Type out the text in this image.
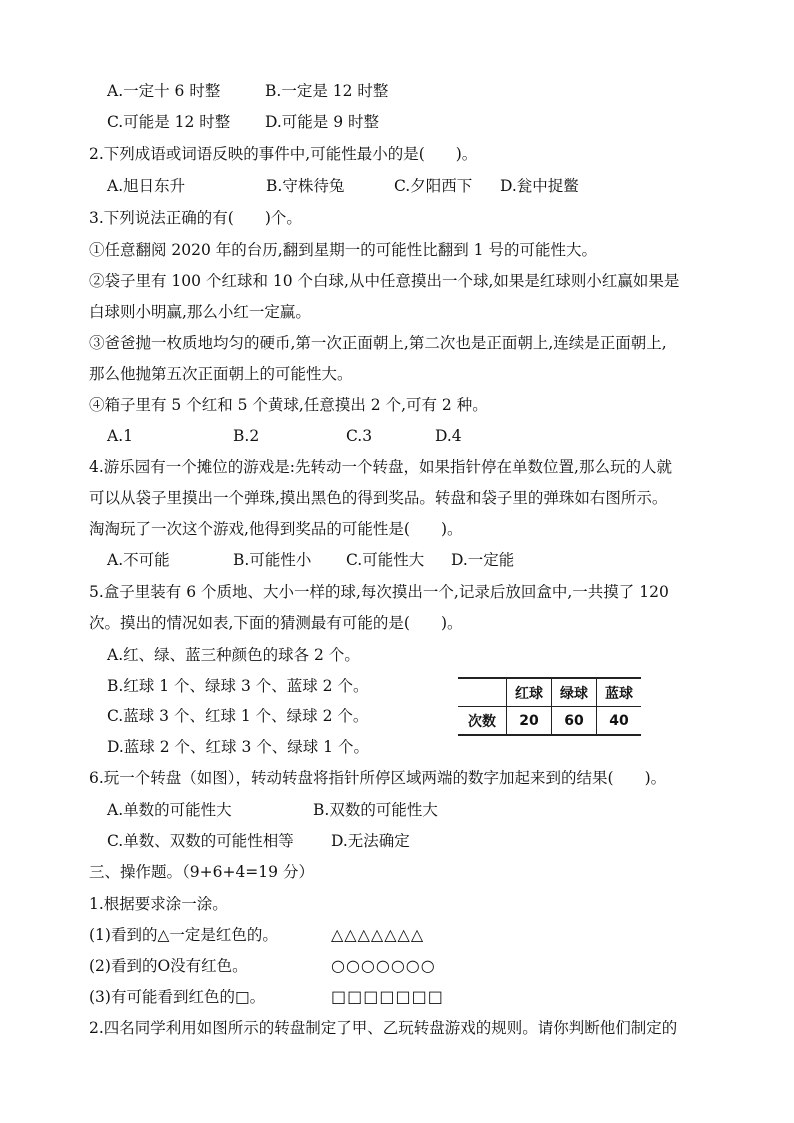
A.一定十 6 时整	B.一定是 12 时整
C.可能是 12 时整 D.可能是 9 时整
2.下列成语或词语反映的事件中,可能性最小的是(　　)。
A.旭日东升	B.守株待兔	C.夕阳西下 D.瓮中捉鳖
3.下列说法正确的有(　　)个。
①任意翻阅 2020 年的台历,翻到星期一的可能性比翻到 1 号的可能性大。
②袋子里有 100 个红球和 10 个白球,从中任意摸出一个球,如果是红球则小红赢如果是
白球则小明赢,那么小红一定赢。
③爸爸抛一枚质地均匀的硬币,第一次正面朝上,第二次也是正面朝上,连续是正面朝上,
那么他抛第五次正面朝上的可能性大。
④箱子里有 5 个红和 5 个黄球,任意摸出 2 个,可有 2 种。
A.1	B.2	C.3	D.4
4.游乐园有一个摊位的游戏是:先转动一个转盘，如果指针停在单数位置,那么玩的人就
可以从袋子里摸出一个弹珠,摸出黑色的得到奖品。转盘和袋子里的弹珠如右图所示。
淘淘玩了一次这个游戏,他得到奖品的可能性是(　　)。
A.不可能	B.可能性小 C.可能性大 D.一定能
5.盒子里装有 6 个质地、大小一样的球,每次摸出一个,记录后放回盒中,一共摸了 120
次。摸出的情况如表,下面的猜测最有可能的是(　　)。
A.红、绿、蓝三种颜色的球各 2 个。
B.红球 1 个、绿球 3 个、蓝球 2 个。
C.蓝球 3 个、红球 1 个、绿球 2 个。
D.蓝球 2 个、红球 3 个、绿球 1 个。
	红球	绿球	蓝球
次数	20	60	40
6.玩一个转盘（如图），转动转盘将指针所停区域两端的数字加起来到的结果(　　)。
A.单数的可能性大	B.双数的可能性大
C.单数、双数的可能性相等 D.无法确定
三、操作题。（9+6+4=19 分）
1.根据要求涂一涂。
(1)看到的△一定是红色的。	△△△△△△△
(2)看到的O没有红色。	○○○○○○○
(3)有可能看到红色的□。	□□□□□□□
2.四名同学利用如图所示的转盘制定了甲、乙玩转盘游戏的规则。请你判断他们制定的
